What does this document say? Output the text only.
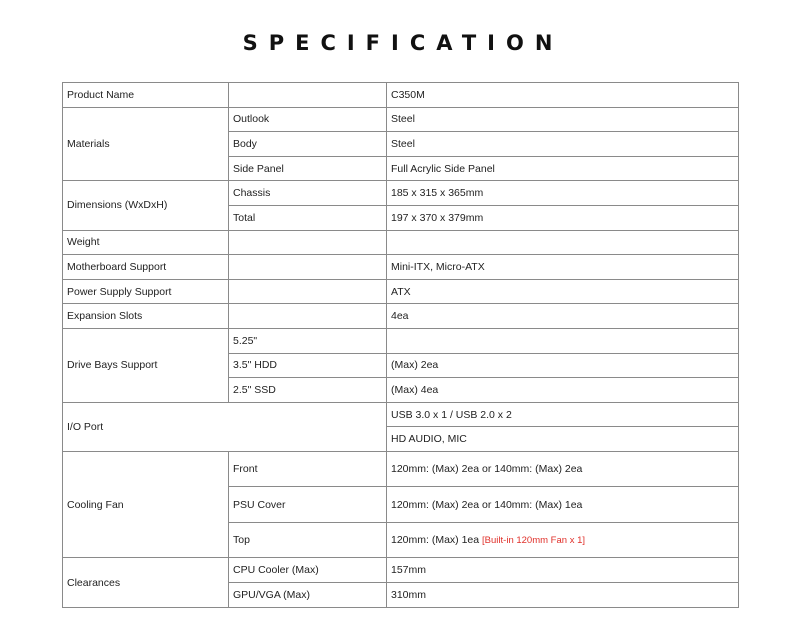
SPECIFICATION
Product Name		C350M
Materials	Outlook	Steel
	Body	Steel
	Side Panel	Full Acrylic Side Panel
Dimensions (WxDxH)	Chassis	185 x 315 x 365mm
	Total	197 x 370 x 379mm
Weight		
Motherboard Support		Mini-ITX, Micro-ATX
Power Supply Support		ATX
Expansion Slots		4ea
Drive Bays Support	5.25"	
	3.5" HDD	(Max) 2ea
	2.5" SSD	(Max) 4ea
I/O Port		USB 3.0 x 1 / USB 2.0 x 2
		HD AUDIO, MIC
Cooling Fan	Front	120mm: (Max) 2ea or 140mm: (Max) 2ea
	PSU Cover	120mm: (Max) 2ea or 140mm: (Max) 1ea
	Top	120mm: (Max) 1ea [Built-in 120mm Fan x 1]
Clearances	CPU Cooler (Max)	157mm
	GPU/VGA (Max)	310mm
